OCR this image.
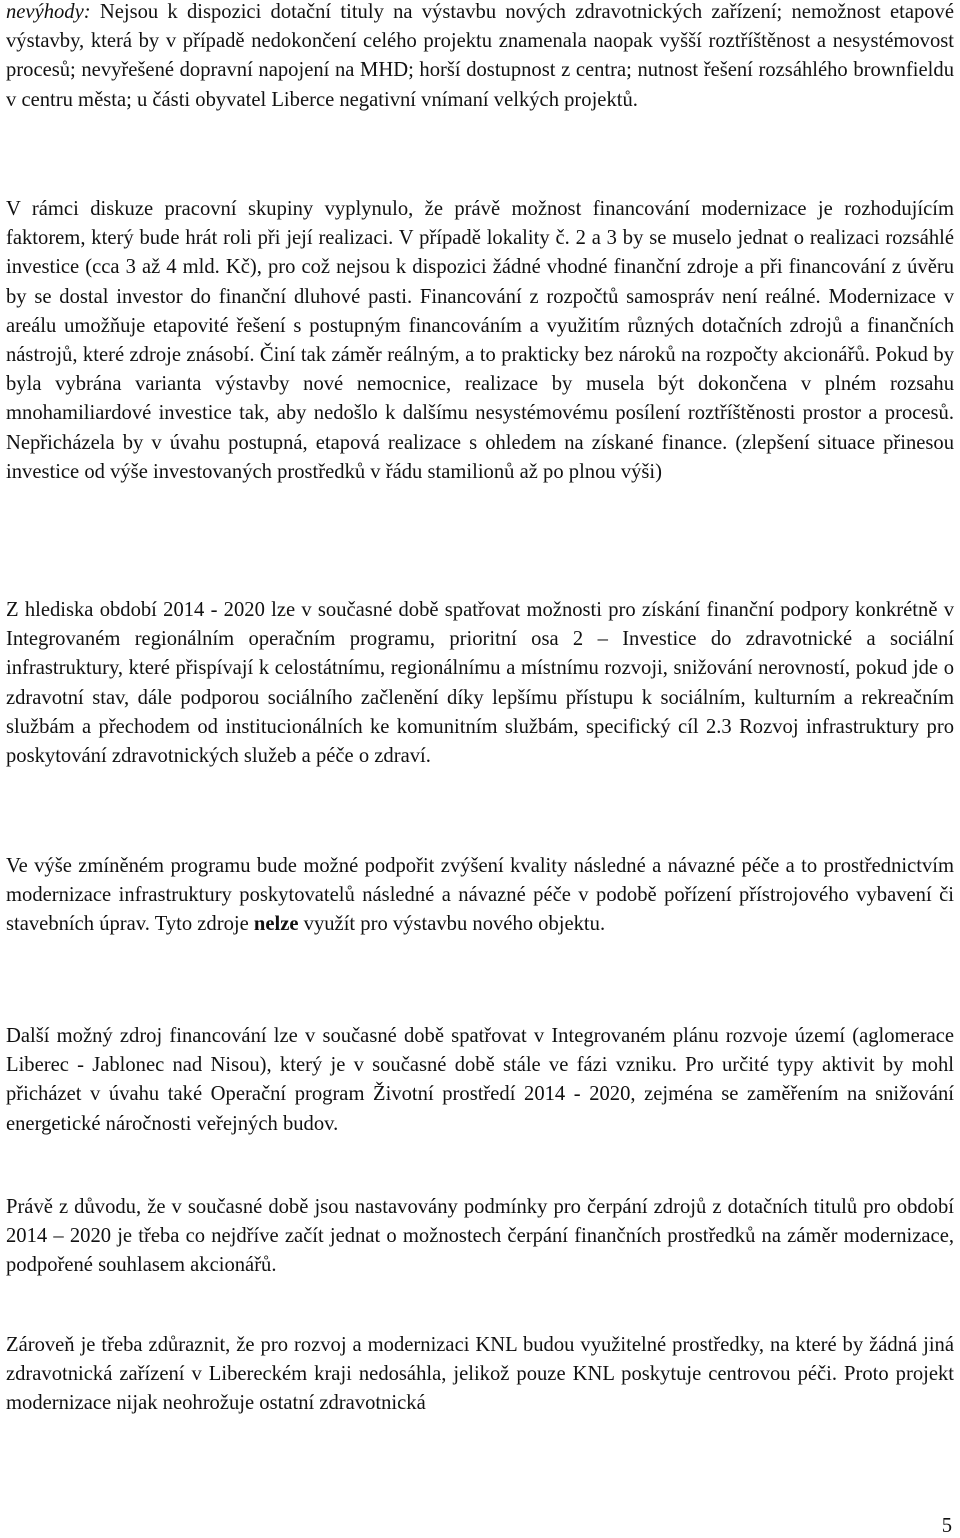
nevýhody: Nejsou k dispozici dotační tituly na výstavbu nových zdravotnických zařízení; nemožnost etapové výstavby, která by v případě nedokončení celého projektu znamenala naopak vyšší roztříštěnost a nesystémovost procesů; nevyřešené dopravní napojení na MHD; horší dostupnost z centra; nutnost řešení rozsáhlého brownfieldu v centru města; u části obyvatel Liberce negativní vnímaní velkých projektů.

V rámci diskuze pracovní skupiny vyplynulo, že právě možnost financování modernizace je rozhodujícím faktorem, který bude hrát roli při její realizaci. V případě lokality č. 2 a 3 by se muselo jednat o realizaci rozsáhlé investice (cca 3 až 4 mld. Kč), pro což nejsou k dispozici žádné vhodné finanční zdroje a při financování z úvěru by se dostal investor do finanční dluhové pasti. Financování z rozpočtů samospráv není reálné. Modernizace v areálu umožňuje etapovité řešení s postupným financováním a využitím různých dotačních zdrojů a finančních nástrojů, které zdroje znásobí. Činí tak záměr reálným, a to prakticky bez nároků na rozpočty akcionářů. Pokud by byla vybrána varianta výstavby nové nemocnice, realizace by musela být dokončena v plném rozsahu mnohamiliardové investice tak, aby nedošlo k dalšímu nesystémovému posílení roztříštěnosti prostor a procesů. Nepřicházela by v úvahu postupná, etapová realizace s ohledem na získané finance. (zlepšení situace přinesou investice od výše investovaných prostředků v řádu stamilionů až po plnou výši)

Z hlediska období 2014 - 2020 lze v současné době spatřovat možnosti pro získání finanční podpory konkrétně v Integrovaném regionálním operačním programu, prioritní osa 2 – Investice do zdravotnické a sociální infrastruktury, které přispívají k celostátnímu, regionálnímu a místnímu rozvoji, snižování nerovností, pokud jde o zdravotní stav, dále podporou sociálního začlenění díky lepšímu přístupu k sociálním, kulturním a rekreačním službám a přechodem od institucionálních ke komunitním službám, specifický cíl 2.3 Rozvoj infrastruktury pro poskytování zdravotnických služeb a péče o zdraví.

Ve výše zmíněném programu bude možné podpořit zvýšení kvality následné a návazné péče a to prostřednictvím modernizace infrastruktury poskytovatelů následné a návazné péče v podobě pořízení přístrojového vybavení či stavebních úprav. Tyto zdroje nelze využít pro výstavbu nového objektu.

Další možný zdroj financování lze v současné době spatřovat v Integrovaném plánu rozvoje území (aglomerace Liberec - Jablonec nad Nisou), který je v současné době stále ve fázi vzniku. Pro určité typy aktivit by mohl přicházet v úvahu také Operační program Životní prostředí 2014 - 2020, zejména se zaměřením na snižování energetické náročnosti veřejných budov.

Právě z důvodu, že v současné době jsou nastavovány podmínky pro čerpání zdrojů z dotačních titulů pro období 2014 – 2020 je třeba co nejdříve začít jednat o možnostech čerpání finančních prostředků na záměr modernizace, podpořené souhlasem akcionářů.

Zároveň je třeba zdůraznit, že pro rozvoj a modernizaci KNL budou využitelné prostředky, na které by žádná jiná zdravotnická zařízení v Libereckém kraji nedosáhla, jelikož pouze KNL poskytuje centrovou péči. Proto projekt modernizace nijak neohrožuje ostatní zdravotnická

5
